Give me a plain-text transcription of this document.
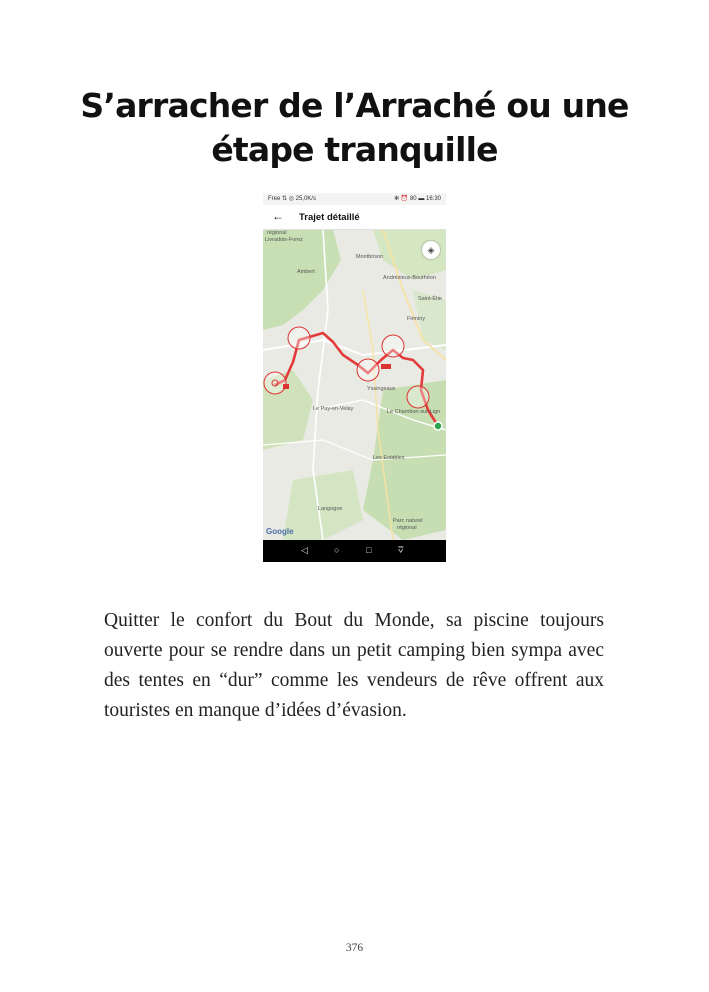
S’arracher de l’Arraché ou une
étape tranquille
Free ⇅ ◎ 25,0K/s	✻ ⏰ 80 ▬ 16:30
← Trajet détaillé
régional
Livradois-Forez
Montbrison
Ambert
Andrézieux-Bouthéon
Saint-Étie
Firminy
Le Puy-en-Velay
Yssingeaux
Le Chambon-sur-Lign
Les Estables
Langogne
Parc naturel
régional
Google
◈
◁	○	□	⩢

Quitter le confort du Bout du Monde, sa piscine toujours ouverte pour se rendre dans un petit camping bien sympa avec des tentes en “dur” comme les vendeurs de rêve offrent aux touristes en manque d’idées d’évasion.

376
